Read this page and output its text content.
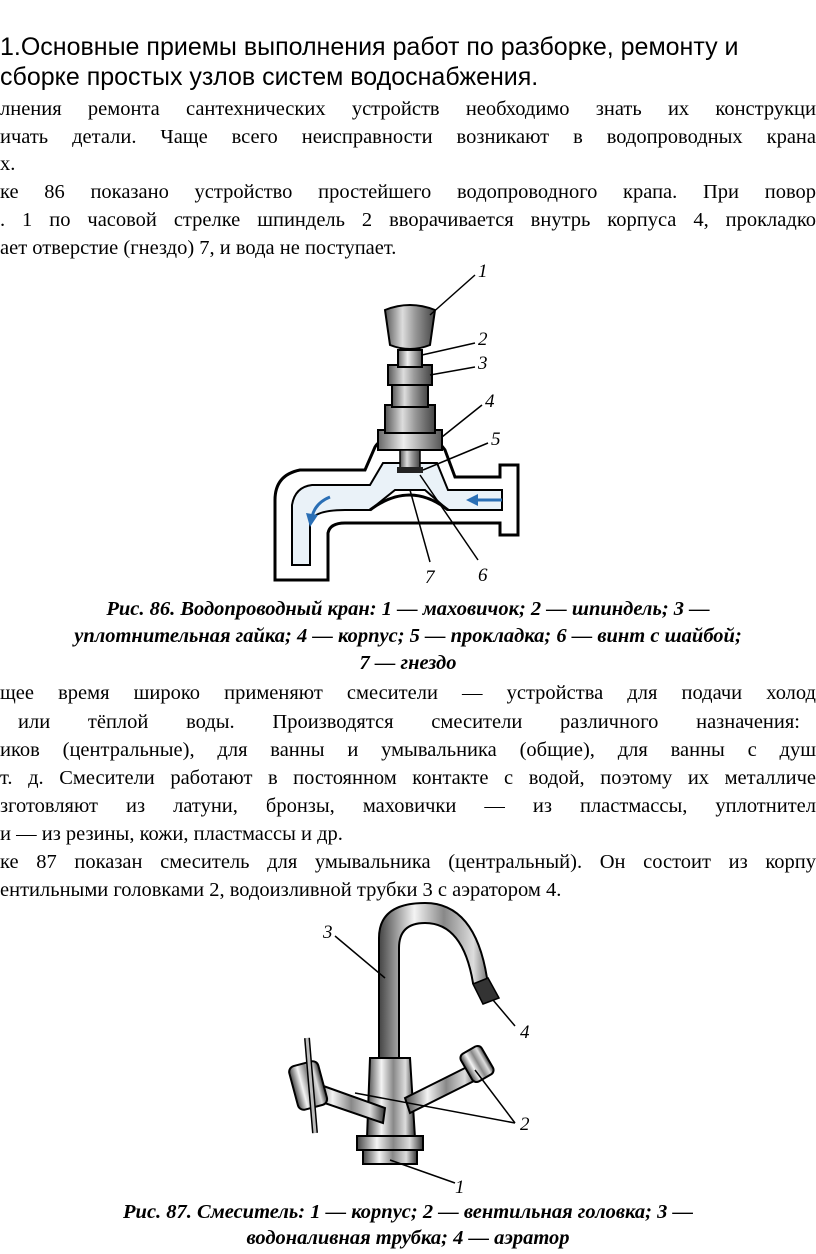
1.Основные приемы выполнения работ по разборке, ремонту и
сборке простых узлов систем водоснабжения.
лнения ремонта сантехнических устройств необходимо знать их конструкци
ичать детали. Чаще всего неисправности возникают в водопроводных крана
х.
ке 86 показано устройство простейшего водопроводного крапа. При повор
. 1 по часовой стрелке шпиндель 2 вворачивается внутрь корпуса 4, прокладко
ает отверстие (гнездо) 7, и вода не поступает.
1
2
3
4
5
6
7
Рис. 86. Водопроводный кран: 1 — маховичок; 2 — шпиндель; 3 —
уплотнительная гайка; 4 — корпус; 5 — прокладка; 6 — винт с шайбой;
7 — гнездо
щее время широко применяют смесители — устройства для подачи холод
или тёплой воды. Производятся смесители различного назначения:
иков (центральные), для ванны и умывальника (общие), для ванны с душ
т. д. Смесители работают в постоянном контакте с водой, поэтому их металличе
зготовляют из латуни, бронзы, маховички — из пластмассы, уплотнител
и — из резины, кожи, пластмассы и др.
ке 87 показан смеситель для умывальника (центральный). Он состоит из корпу
ентильными головками 2, водоизливной трубки 3 с аэратором 4.
3
4
2
1
Рис. 87. Смеситель: 1 — корпус; 2 — вентильная головка; 3 —
водоналивная трубка; 4 — аэратор
